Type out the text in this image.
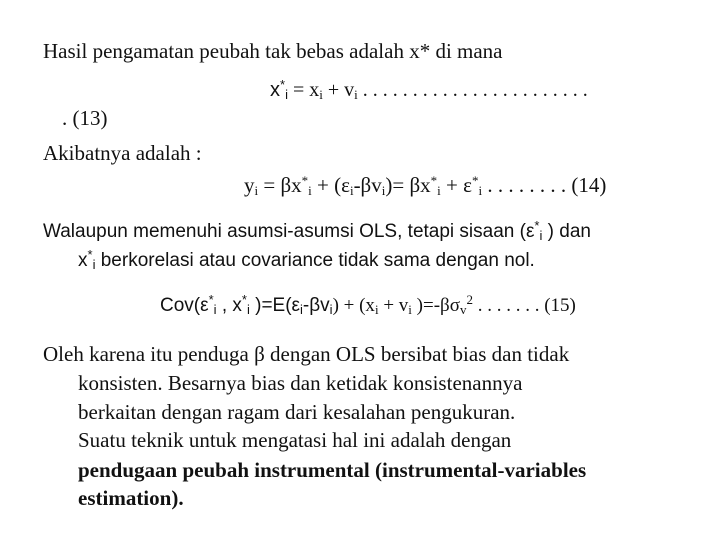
Hasil pengamatan peubah tak bebas adalah x* di mana
$x^*_i = x_i + v_i$ . . . . . . . . . . . . . . . . . . . . . . .
. (13)
Akibatnya adalah :
$y_i = \beta x^*_i + (\varepsilon_i-\beta v_i)= \beta x^*_i + \varepsilon^*_i$ . . . . . . . . (14)
Walaupun memenuhi asumsi-asumsi OLS, tetapi sisaan ($\varepsilon^*_i$ ) dan
$x^*_i$ berkorelasi atau covariance tidak sama dengan nol.
$Cov(\varepsilon^*_i$ , $x^*_i$ )$=E(\varepsilon_i-\beta v_i) + (x_i + v_i$ )$=-\beta\sigma_v^2$ . . . . . . . (15)
Oleh karena itu penduga β dengan OLS bersibat bias dan tidak
konsisten. Besarnya bias dan ketidak konsistenannya
berkaitan dengan ragam dari kesalahan pengukuran.
Suatu teknik untuk mengatasi hal ini adalah dengan
pendugaan peubah instrumental (instrumental-variables
estimation).
